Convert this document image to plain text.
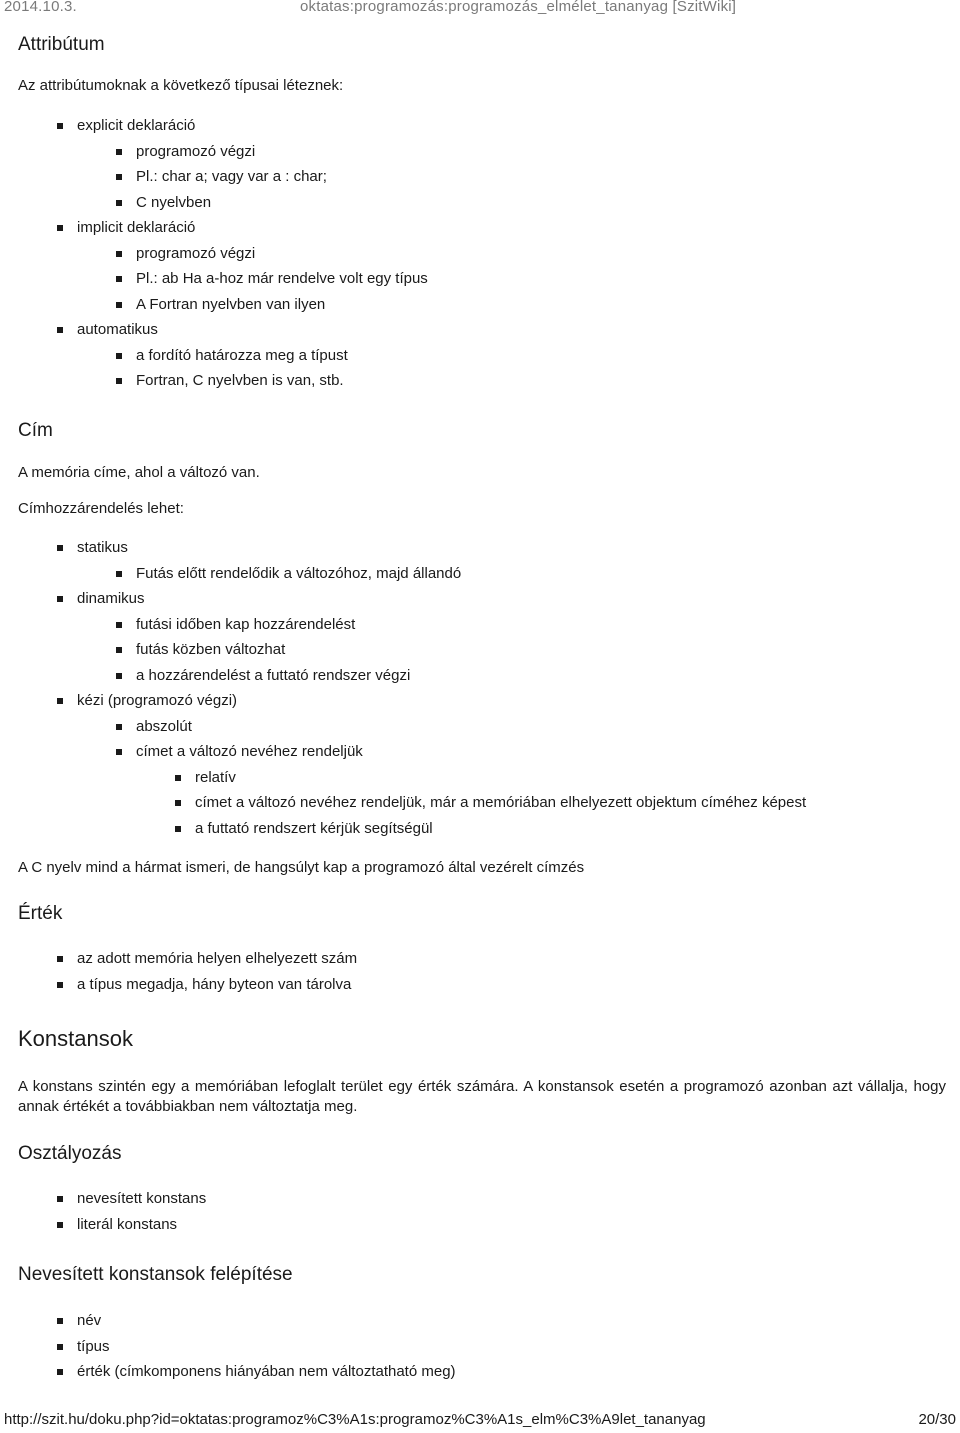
2014.10.3.	oktatas:programozás:programozás_elmélet_tananyag [SzitWiki]
Attribútum

Az attribútumoknak a következő típusai léteznek:

explicit deklaráció
programozó végzi
Pl.: char a; vagy var a : char;
C nyelvben
implicit deklaráció
programozó végzi
Pl.: ab Ha a-hoz már rendelve volt egy típus
A Fortran nyelvben van ilyen
automatikus
a fordító határozza meg a típust
Fortran, C nyelvben is van, stb.
Cím

A memória címe, ahol a változó van.

Címhozzárendelés lehet:

statikus
Futás előtt rendelődik a változóhoz, majd állandó
dinamikus
futási időben kap hozzárendelést
futás közben változhat
a hozzárendelést a futtató rendszer végzi
kézi (programozó végzi)
abszolút
címet a változó nevéhez rendeljük
relatív
címet a változó nevéhez rendeljük, már a memóriában elhelyezett objektum címéhez képest
a futtató rendszert kérjük segítségül

A C nyelv mind a hármat ismeri, de hangsúlyt kap a programozó által vezérelt címzés

Érték
az adott memória helyen elhelyezett szám
a típus megadja, hány byteon van tárolva
Konstansok

A konstans szintén egy a memóriában lefoglalt terület egy érték számára. A konstansok esetén a programozó azonban azt vállalja, hogy annak értékét a továbbiakban nem változtatja meg.

Osztályozás
nevesített konstans
literál konstans
Nevesített konstansok felépítése
név
típus
érték (címkomponens hiányában nem változtatható meg)
http://szit.hu/doku.php?id=oktatas:programoz%C3%A1s:programoz%C3%A1s_elm%C3%A9let_tananyag	20/30
